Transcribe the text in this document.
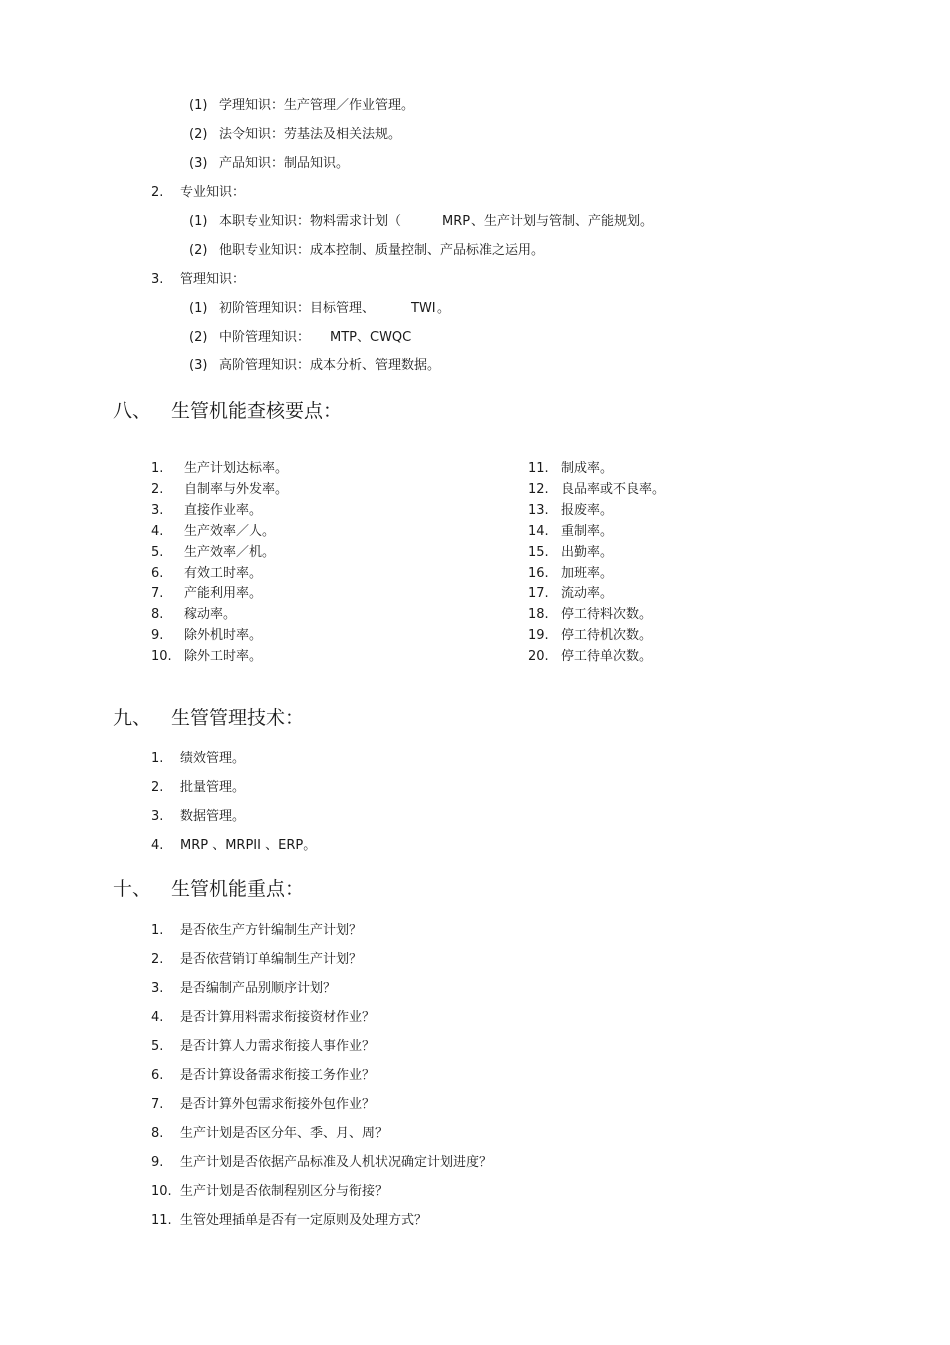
(1) 学理知识：生产管理／作业管理。
(2) 法令知识：劳基法及相关法规。
(3) 产品知识：制品知识。
2. 专业知识：
(1) 本职专业知识：物料需求计划（	MRP 、生产计划与管制、产能规划。
(2) 他职专业知识：成本控制、质量控制、产品标准之运用。
3. 管理知识：
(1) 初阶管理知识：目标管理、	TWI 。
(2) 中阶管理知识： MTP、CWQC
(3) 高阶管理知识：成本分析、管理数据。
八、 生管机能查核要点：
1. 生产计划达标率。
2. 自制率与外发率。
3. 直接作业率。
4. 生产效率／人。
5. 生产效率／机。
6. 有效工时率。
7. 产能利用率。
8. 稼动率。
9. 除外机时率。
10. 除外工时率。
11. 制成率。
12. 良品率或不良率。
13. 报废率。
14. 重制率。
15. 出勤率。
16. 加班率。
17. 流动率。
18. 停工待料次数。
19. 停工待机次数。
20. 停工待单次数。
九、 生管管理技术：
1. 绩效管理。
2. 批量管理。
3. 数据管理。
4. MRP 、MRPII 、ERP。
十、 生管机能重点：
1. 是否依生产方针编制生产计划？
2. 是否依营销订单编制生产计划？
3. 是否编制产品别顺序计划？
4. 是否计算用料需求衔接资材作业？
5. 是否计算人力需求衔接人事作业？
6. 是否计算设备需求衔接工务作业？
7. 是否计算外包需求衔接外包作业？
8. 生产计划是否区分年、季、月、周？
9. 生产计划是否依据产品标准及人机状况确定计划进度？
10. 生产计划是否依制程别区分与衔接？
11. 生管处理插单是否有一定原则及处理方式？
